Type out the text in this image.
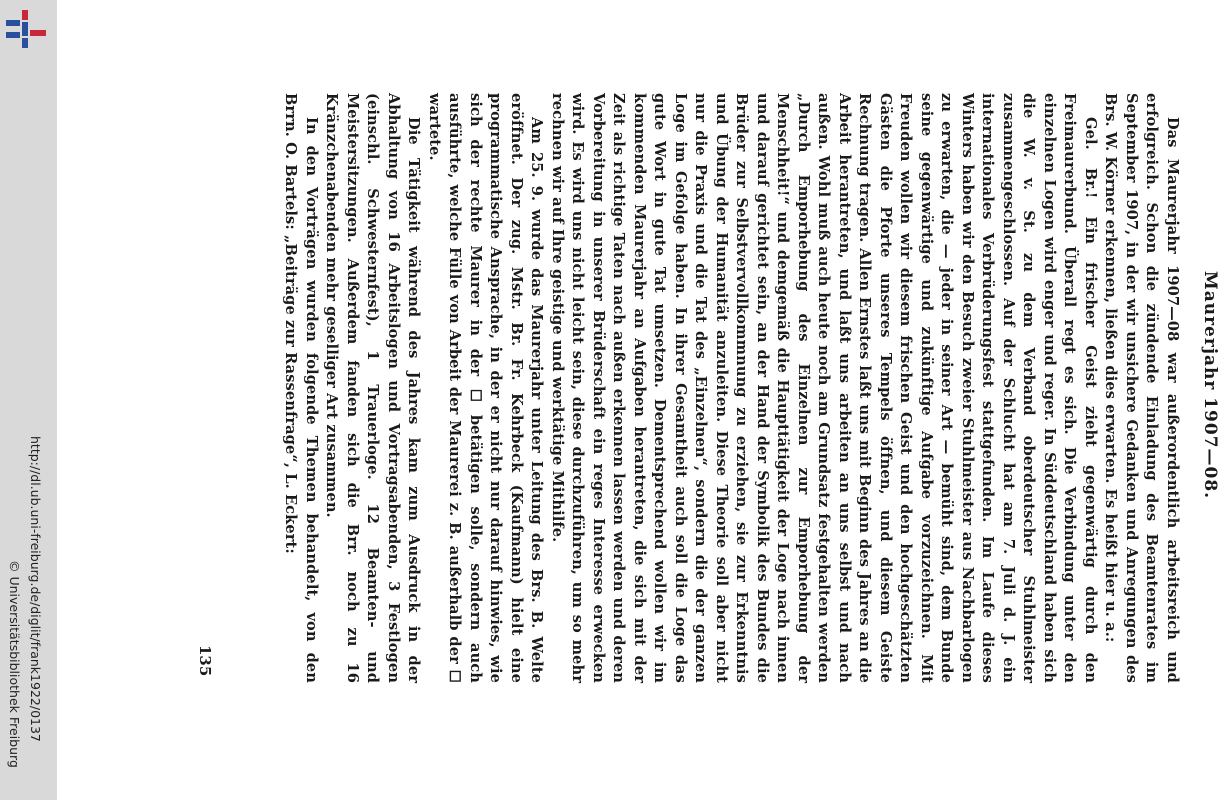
http://dl.ub.uni-freiburg.de/diglit/frank1922/0137
© Universitätsbibliothek Freiburg
Maurerjahr 1907—08.

Das Maurerjahr 1907—08 war außerordentlich arbeitsreich und erfolgreich. Schon die zündende Einladung des Beamtenrates im September 1907, in der wir unsichere Gedanken und Anregungen des Brs. W. Körner erkennen, ließen dies erwarten. Es heißt hier u. a.:

Gel. Br.! Ein frischer Geist zieht gegenwärtig durch den Freimaurerbund. Überall regt es sich. Die Verbindung unter den einzelnen Logen wird enger und reger. In Süddeutschland haben sich die W. v. St. zu dem Verband oberdeutscher Stuhlmeister zusammengeschlossen. Auf der Schlucht hat am 7. Juli d. J. ein internationales Verbrüderungsfest stattgefunden. Im Laufe dieses Winters haben wir den Besuch zweier Stuhlmeister aus Nachbarlogen zu erwarten, die — jeder in seiner Art — bemüht sind, dem Bunde seine gegenwärtige und zukünftige Aufgabe vorzuzeichnen. Mit Freuden wollen wir diesem frischen Geist und den hochgeschätzten Gästen die Pforte unseres Tempels öffnen, und diesem Geiste Rechnung tragen. Allen Ernstes laßt uns mit Beginn des Jahres an die Arbeit herantreten, und laßt uns arbeiten an uns selbst und nach außen. Wohl muß auch heute noch am Grundsatz festgehalten werden „Durch Emporhebung des Einzelnen zur Emporhebung der Menschheit!“ und demgemäß die Haupttätigkeit der Loge nach innen und darauf gerichtet sein, an der Hand der Symbolik des Bundes die Brüder zur Selbstvervollkommnung zu erziehen, sie zur Erkenntnis und Übung der Humanität anzuleiten. Diese Theorie soll aber nicht nur die Praxis und die Tat des „Einzelnen“, sondern die der ganzen Loge im Gefolge haben. In ihrer Gesamtheit auch soll die Loge das gute Wort in gute Tat umsetzen. Dementsprechend wollen wir im kommenden Maurerjahr an Aufgaben herantreten, die sich mit der Zeit als richtige Taten nach außen erkennen lassen werden und deren Vorbereitung in unserer Brüderschaft ein reges Interesse erwecken wird. Es wird uns nicht leicht sein, diese durchzuführen, um so mehr rechnen wir auf Ihre geistige und werktätige Mithilfe.

Am 25. 9. wurde das Maurerjahr unter Leitung des Brs. B. Welte eröffnet. Der zug. Mstr. Br. Fr. Kehrbeck (Kaufmann) hielt eine programmatische Ansprache, in der er nicht nur darauf hinwies, wie sich der rechte Maurer in der ☐ betätigen solle, sondern auch ausführte, welche Fülle von Arbeit der Maurerei z. B. außerhalb der ☐ wartete.

Die Tätigkeit während des Jahres kam zum Ausdruck in der Abhaltung von 16 Arbeitslogen und Vortragsabenden, 3 Festlogen (einschl. Schwesternfest), 1 Trauerloge. 12 Beamten- und Meistersitzungen. Außerdem fanden sich die Brr. noch zu 16 Kränzchenabenden mehr geselliger Art zusammen.

In den Vorträgen wurden folgende Themen behandelt, von den Brrn. O. Bartels: „Beiträge zur Rassenfrage“, L. Eckert:

135
